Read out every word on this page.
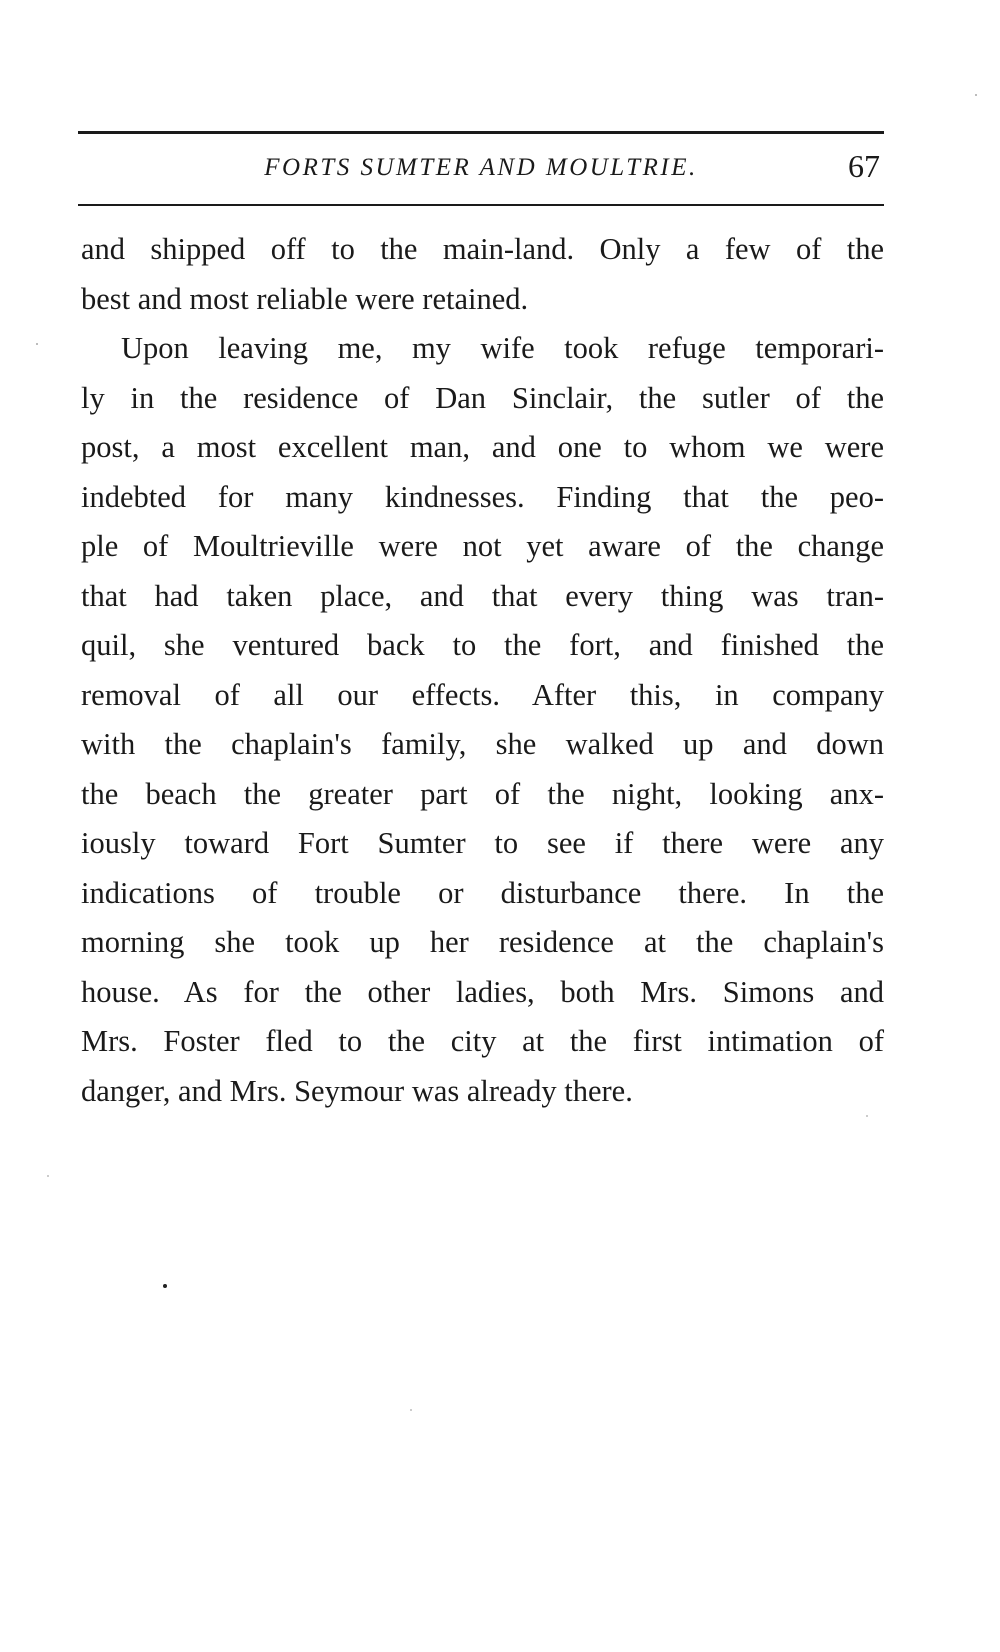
FORTS SUMTER AND MOULTRIE.	67
and shipped off to the main-land. Only a few of the
best and most reliable were retained.
Upon leaving me, my wife took refuge temporari-
ly in the residence of Dan Sinclair, the sutler of the
post, a most excellent man, and one to whom we were
indebted for many kindnesses. Finding that the peo-
ple of Moultrieville were not yet aware of the change
that had taken place, and that every thing was tran-
quil, she ventured back to the fort, and finished the
removal of all our effects. After this, in company
with the chaplain's family, she walked up and down
the beach the greater part of the night, looking anx-
iously toward Fort Sumter to see if there were any
indications of trouble or disturbance there. In the
morning she took up her residence at the chaplain's
house. As for the other ladies, both Mrs. Simons and
Mrs. Foster fled to the city at the first intimation of
danger, and Mrs. Seymour was already there.
